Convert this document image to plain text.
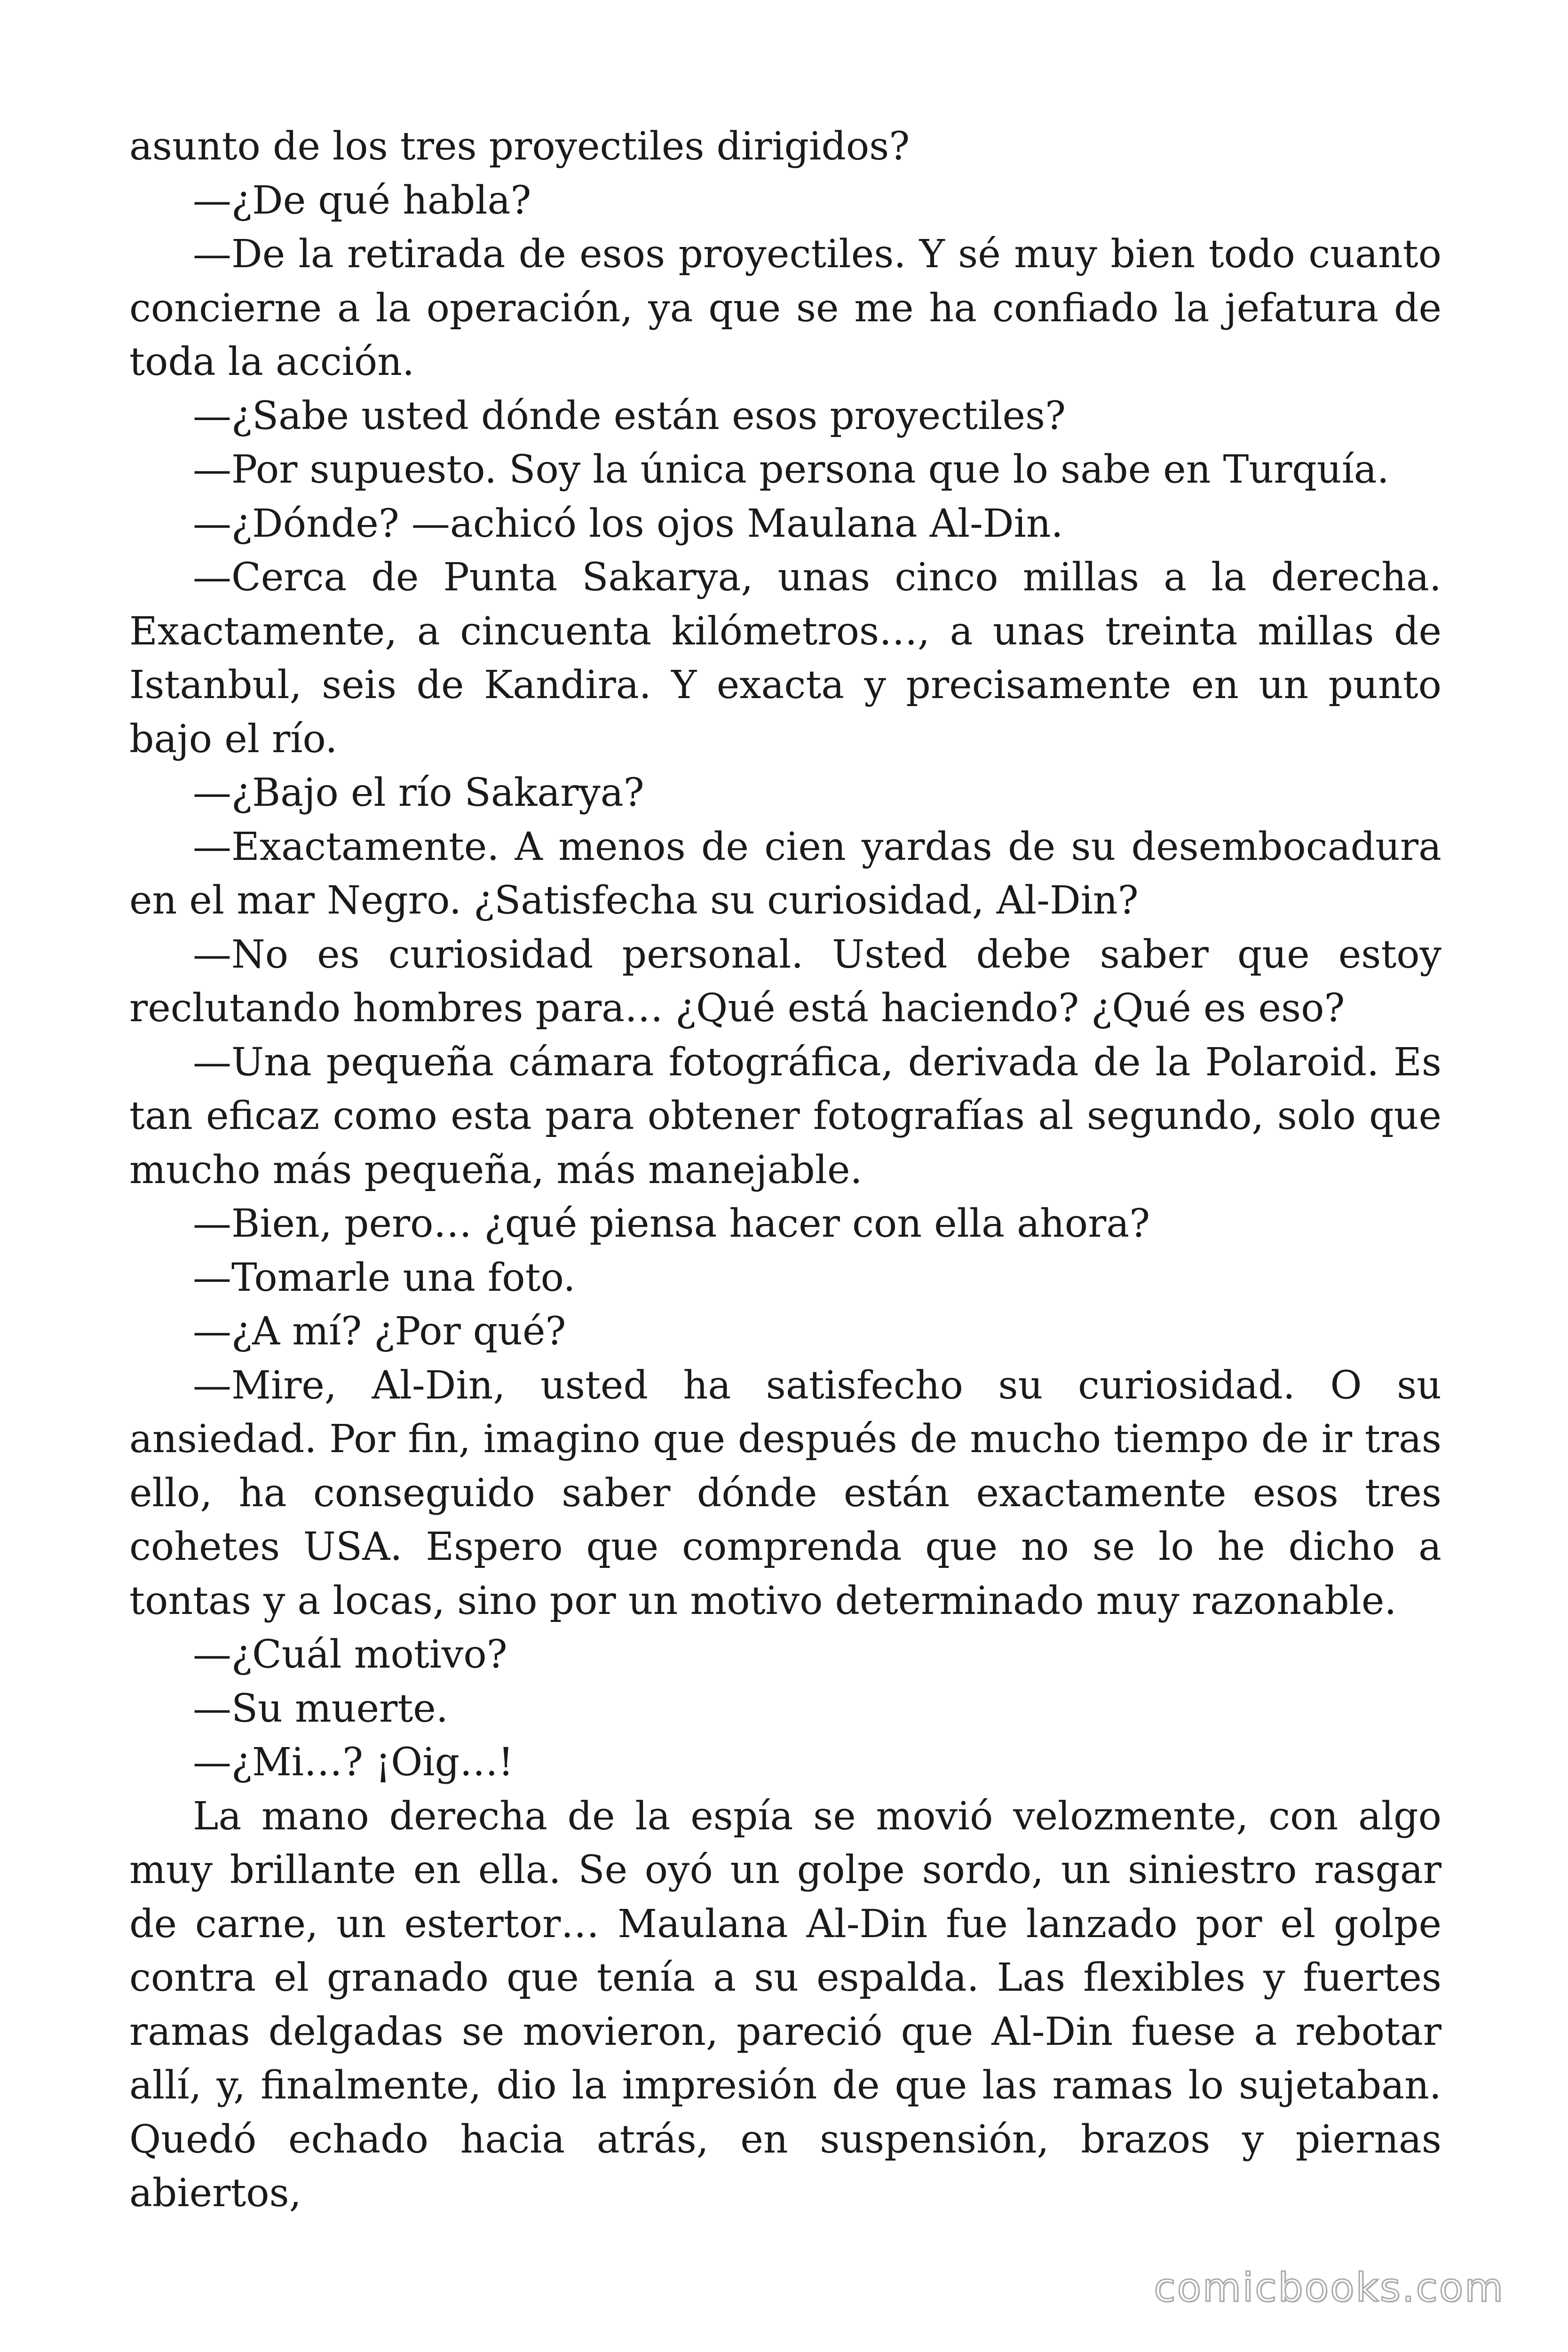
asunto de los tres proyectiles dirigidos?

—¿De qué habla?

—De la retirada de esos proyectiles. Y sé muy bien todo cuanto concierne a la operación, ya que se me ha confiado la jefatura de toda la acción.

—¿Sabe usted dónde están esos proyectiles?

—Por supuesto. Soy la única persona que lo sabe en Turquía.

—¿Dónde? —achicó los ojos Maulana Al-Din.

—Cerca de Punta Sakarya, unas cinco millas a la derecha. Exactamente, a cincuenta kilómetros…, a unas treinta millas de Istanbul, seis de Kandira. Y exacta y precisamente en un punto bajo el río.

—¿Bajo el río Sakarya?

—Exactamente. A menos de cien yardas de su desembocadura en el mar Negro. ¿Satisfecha su curiosidad, Al-Din?

—No es curiosidad personal. Usted debe saber que estoy reclutando hombres para… ¿Qué está haciendo? ¿Qué es eso?

—Una pequeña cámara fotográfica, derivada de la Polaroid. Es tan eficaz como esta para obtener fotografías al segundo, solo que mucho más pequeña, más manejable.

—Bien, pero… ¿qué piensa hacer con ella ahora?

—Tomarle una foto.

—¿A mí? ¿Por qué?

—Mire, Al-Din, usted ha satisfecho su curiosidad. O su ansiedad. Por fin, imagino que después de mucho tiempo de ir tras ello, ha conseguido saber dónde están exactamente esos tres cohetes USA. Espero que comprenda que no se lo he dicho a tontas y a locas, sino por un motivo determinado muy razonable.

—¿Cuál motivo?

—Su muerte.

—¿Mi…? ¡Oig…!

La mano derecha de la espía se movió velozmente, con algo muy brillante en ella. Se oyó un golpe sordo, un siniestro rasgar de carne, un estertor… Maulana Al-Din fue lanzado por el golpe contra el granado que tenía a su espalda. Las flexibles y fuertes ramas delgadas se movieron, pareció que Al-Din fuese a rebotar allí, y, finalmente, dio la impresión de que las ramas lo sujetaban. Quedó echado hacia atrás, en suspensión, brazos y piernas abiertos,

comicbooks.com
